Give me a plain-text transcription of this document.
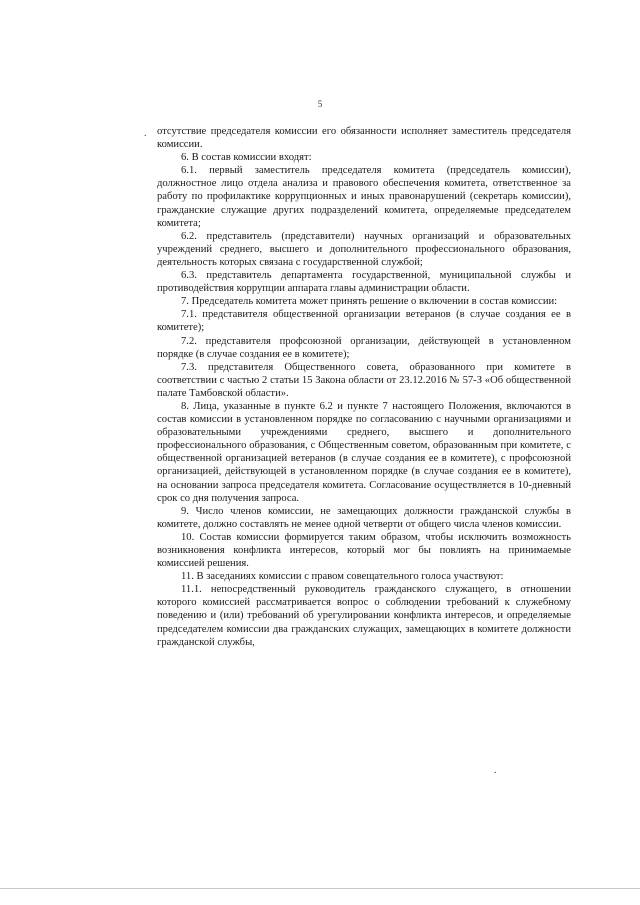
5
.
.

отсутствие председателя комиссии его обязанности исполняет заместитель председателя комиссии.

6. В состав комиссии входят:

6.1. первый заместитель председателя комитета (председатель комиссии), должностное лицо отдела анализа и правового обеспечения комитета, ответственное за работу по профилактике коррупционных и иных правонарушений (секретарь комиссии), гражданские служащие других подразделений комитета, определяемые председателем комитета;

6.2. представитель (представители) научных организаций и образовательных учреждений среднего, высшего и дополнительного профессионального образования, деятельность которых связана с государственной службой;

6.3. представитель департамента государственной, муниципальной службы и противодействия коррупции аппарата главы администрации области.

7. Председатель комитета может принять решение о включении в состав комиссии:

7.1. представителя общественной организации ветеранов (в случае создания ее в комитете);

7.2. представителя профсоюзной организации, действующей в установленном порядке (в случае создания ее в комитете);

7.3. представителя Общественного совета, образованного при комитете в соответствии с частью 2 статьи 15 Закона области от 23.12.2016 № 57-З «Об общественной палате Тамбовской области».

8. Лица, указанные в пункте 6.2 и пункте 7 настоящего Положения, включаются в состав комиссии в установленном порядке по согласованию с научными организациями и образовательными учреждениями среднего, высшего и дополнительного профессионального образования, с Общественным советом, образованным при комитете, с общественной организацией ветеранов (в случае создания ее в комитете), с профсоюзной организацией, действующей в установленном порядке (в случае создания ее в комитете), на основании запроса председателя комитета. Согласование осуществляется в 10-дневный срок со дня получения запроса.

9. Число членов комиссии, не замещающих должности гражданской службы в комитете, должно составлять не менее одной четверти от общего числа членов комиссии.

10. Состав комиссии формируется таким образом, чтобы исключить возможность возникновения конфликта интересов, который мог бы повлиять на принимаемые комиссией решения.

11. В заседаниях комиссии с правом совещательного голоса участвуют:

11.1. непосредственный руководитель гражданского служащего, в отношении которого комиссией рассматривается вопрос о соблюдении требований к служебному поведению и (или) требований об урегулировании конфликта интересов, и определяемые председателем комиссии два гражданских служащих, замещающих в комитете должности гражданской службы,
